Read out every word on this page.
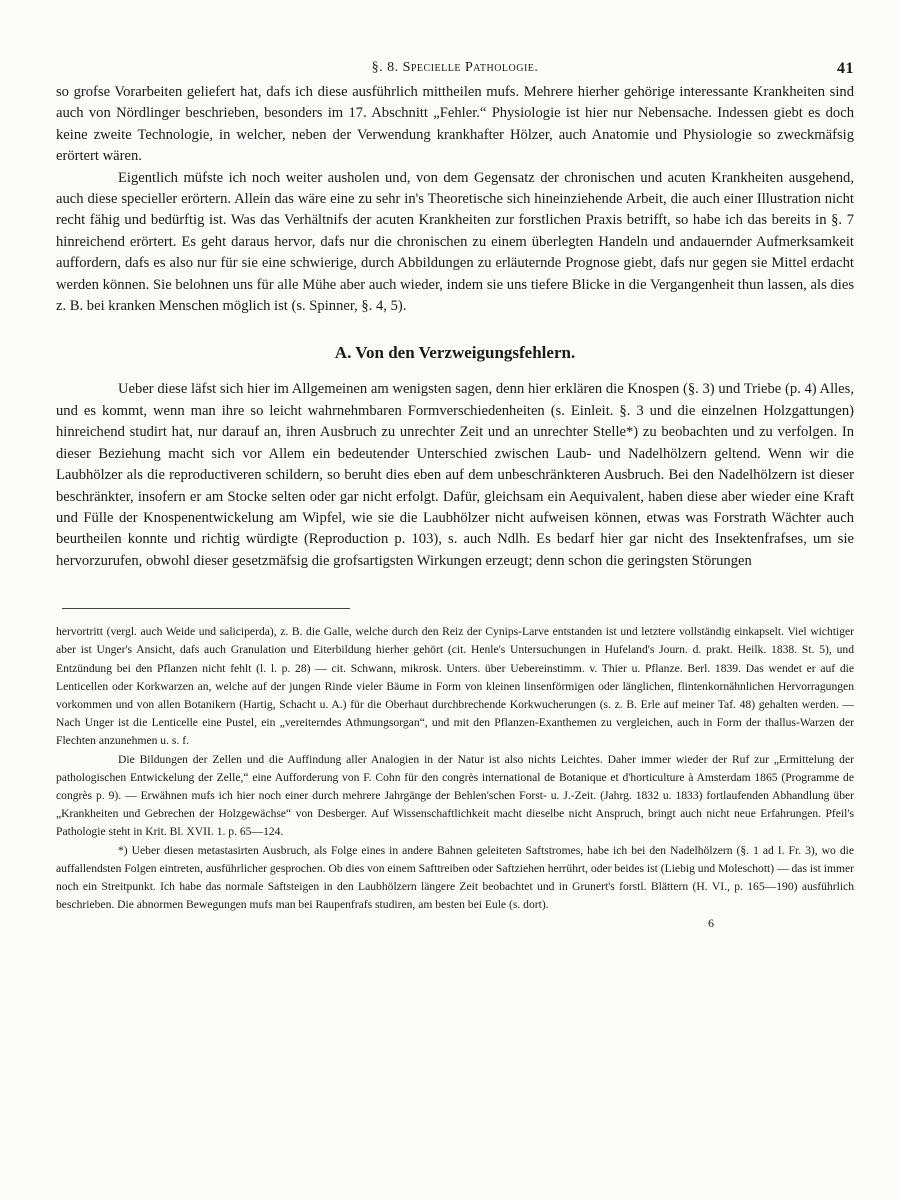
§. 8. Specielle Pathologie.	41

so grofse Vorarbeiten geliefert hat, dafs ich diese ausführlich mittheilen mufs. Mehrere hierher gehörige interessante Krankheiten sind auch von Nördlinger beschrieben, besonders im 17. Abschnitt „Fehler.“ Physiologie ist hier nur Nebensache. Indessen giebt es doch keine zweite Technologie, in welcher, neben der Verwendung krankhafter Hölzer, auch Anatomie und Physiologie so zweckmäfsig erörtert wären.

Eigentlich müfste ich noch weiter ausholen und, von dem Gegensatz der chronischen und acuten Krankheiten ausgehend, auch diese specieller erörtern. Allein das wäre eine zu sehr in's Theoretische sich hineinziehende Arbeit, die auch einer Illustration nicht recht fähig und bedürftig ist. Was das Verhältnifs der acuten Krankheiten zur forstlichen Praxis betrifft, so habe ich das bereits in §. 7 hinreichend erörtert. Es geht daraus hervor, dafs nur die chronischen zu einem überlegten Handeln und andauernder Aufmerksamkeit auffordern, dafs es also nur für sie eine schwierige, durch Abbildungen zu erläuternde Prognose giebt, dafs nur gegen sie Mittel erdacht werden können. Sie belohnen uns für alle Mühe aber auch wieder, indem sie uns tiefere Blicke in die Vergangenheit thun lassen, als dies z. B. bei kranken Menschen möglich ist (s. Spinner, §. 4, 5).

A. Von den Verzweigungsfehlern.

Ueber diese läfst sich hier im Allgemeinen am wenigsten sagen, denn hier erklären die Knospen (§. 3) und Triebe (p. 4) Alles, und es kommt, wenn man ihre so leicht wahrnehmbaren Formverschiedenheiten (s. Einleit. §. 3 und die einzelnen Holzgattungen) hinreichend studirt hat, nur darauf an, ihren Ausbruch zu unrechter Zeit und an unrechter Stelle*) zu beobachten und zu verfolgen. In dieser Beziehung macht sich vor Allem ein bedeutender Unterschied zwischen Laub- und Nadelhölzern geltend. Wenn wir die Laubhölzer als die reproductiveren schildern, so beruht dies eben auf dem unbeschränkteren Ausbruch. Bei den Nadelhölzern ist dieser beschränkter, insofern er am Stocke selten oder gar nicht erfolgt. Dafür, gleichsam ein Aequivalent, haben diese aber wieder eine Kraft und Fülle der Knospenentwickelung am Wipfel, wie sie die Laubhölzer nicht aufweisen können, etwas was Forstrath Wächter auch beurtheilen konnte und richtig würdigte (Reproduction p. 103), s. auch Ndlh. Es bedarf hier gar nicht des Insektenfrafses, um sie hervorzurufen, obwohl dieser gesetzmäfsig die grofsartigsten Wirkungen erzeugt; denn schon die geringsten Störungen

hervortritt (vergl. auch Weide und saliciperda), z. B. die Galle, welche durch den Reiz der Cynips-Larve entstanden ist und letztere vollständig einkapselt. Viel wichtiger aber ist Unger's Ansicht, dafs auch Granulation und Eiterbildung hierher gehört (cit. Henle's Untersuchungen in Hufeland's Journ. d. prakt. Heilk. 1838. St. 5), und Entzündung bei den Pflanzen nicht fehlt (l. l. p. 28) — cit. Schwann, mikrosk. Unters. über Uebereinstimm. v. Thier u. Pflanze. Berl. 1839. Das wendet er auf die Lenticellen oder Korkwarzen an, welche auf der jungen Rinde vieler Bäume in Form von kleinen linsenförmigen oder länglichen, flintenkornähnlichen Hervorragungen vorkommen und von allen Botanikern (Hartig, Schacht u. A.) für die Oberhaut durchbrechende Korkwucherungen (s. z. B. Erle auf meiner Taf. 48) gehalten werden. — Nach Unger ist die Lenticelle eine Pustel, ein „vereiterndes Athmungsorgan“, und mit den Pflanzen-Exanthemen zu vergleichen, auch in Form der thallus-Warzen der Flechten anzunehmen u. s. f.

Die Bildungen der Zellen und die Auffindung aller Analogien in der Natur ist also nichts Leichtes. Daher immer wieder der Ruf zur „Ermittelung der pathologischen Entwickelung der Zelle,“ eine Aufforderung von F. Cohn für den congrès international de Botanique et d'horticulture à Amsterdam 1865 (Programme de congrès p. 9). — Erwähnen mufs ich hier noch einer durch mehrere Jahrgänge der Behlen'schen Forst- u. J.-Zeit. (Jahrg. 1832 u. 1833) fortlaufenden Abhandlung über „Krankheiten und Gebrechen der Holzgewächse“ von Desberger. Auf Wissenschaftlichkeit macht dieselbe nicht Anspruch, bringt auch nicht neue Erfahrungen. Pfeil's Pathologie steht in Krit. Bl. XVII. 1. p. 65—124.

*) Ueber diesen metastasirten Ausbruch, als Folge eines in andere Bahnen geleiteten Saftstromes, habe ich bei den Nadelhölzern (§. 1 ad I. Fr. 3), wo die auffallendsten Folgen eintreten, ausführlicher gesprochen. Ob dies von einem Safttreiben oder Saftziehen herrührt, oder beides ist (Liebig und Moleschott) — das ist immer noch ein Streitpunkt. Ich habe das normale Saftsteigen in den Laubhölzern längere Zeit beobachtet und in Grunert's forstl. Blättern (H. VI., p. 165—190) ausführlich beschrieben. Die abnormen Bewegungen mufs man bei Raupenfrafs studiren, am besten bei Eule (s. dort).

6
